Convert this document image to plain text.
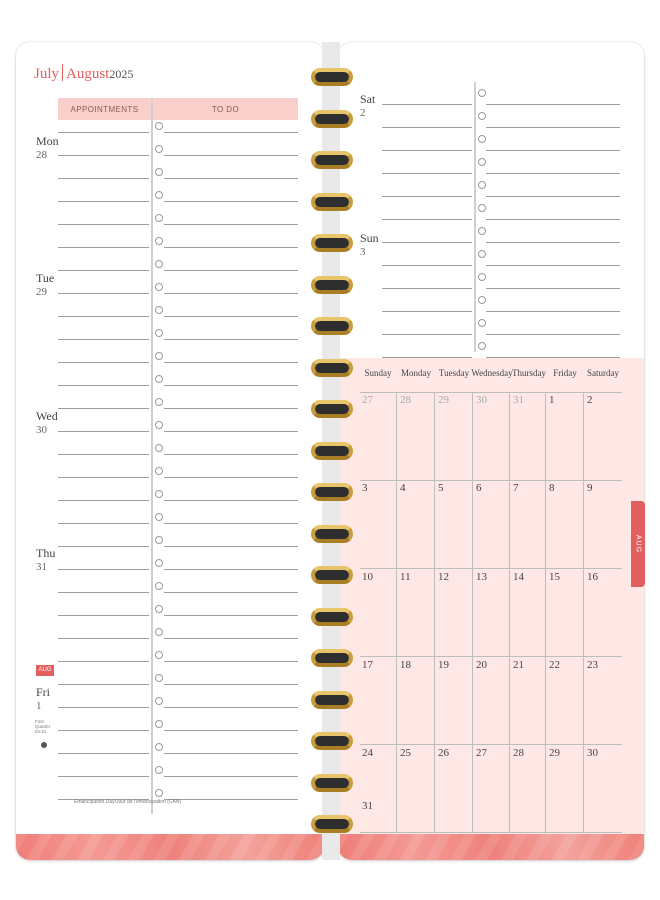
July August2025
APPOINTMENTS	TO DO
Mon
28
Tue
29
Wed
30
Thu
31
AUG
Fri
1
First Quarter 02:41
Emancipation Day/Jour de l'émancipation (CAN)
Sat
2
Sun
3
Sunday	Monday Tuesday Wednesday Thursday Friday	Saturday
27 28 29 30 31 1	2
3	4	5	6	7	8	9
10 11 12 13 14 15 16
17 18 19 20 21 22 23
24 25 26 27 28 29 30
31
AUG
